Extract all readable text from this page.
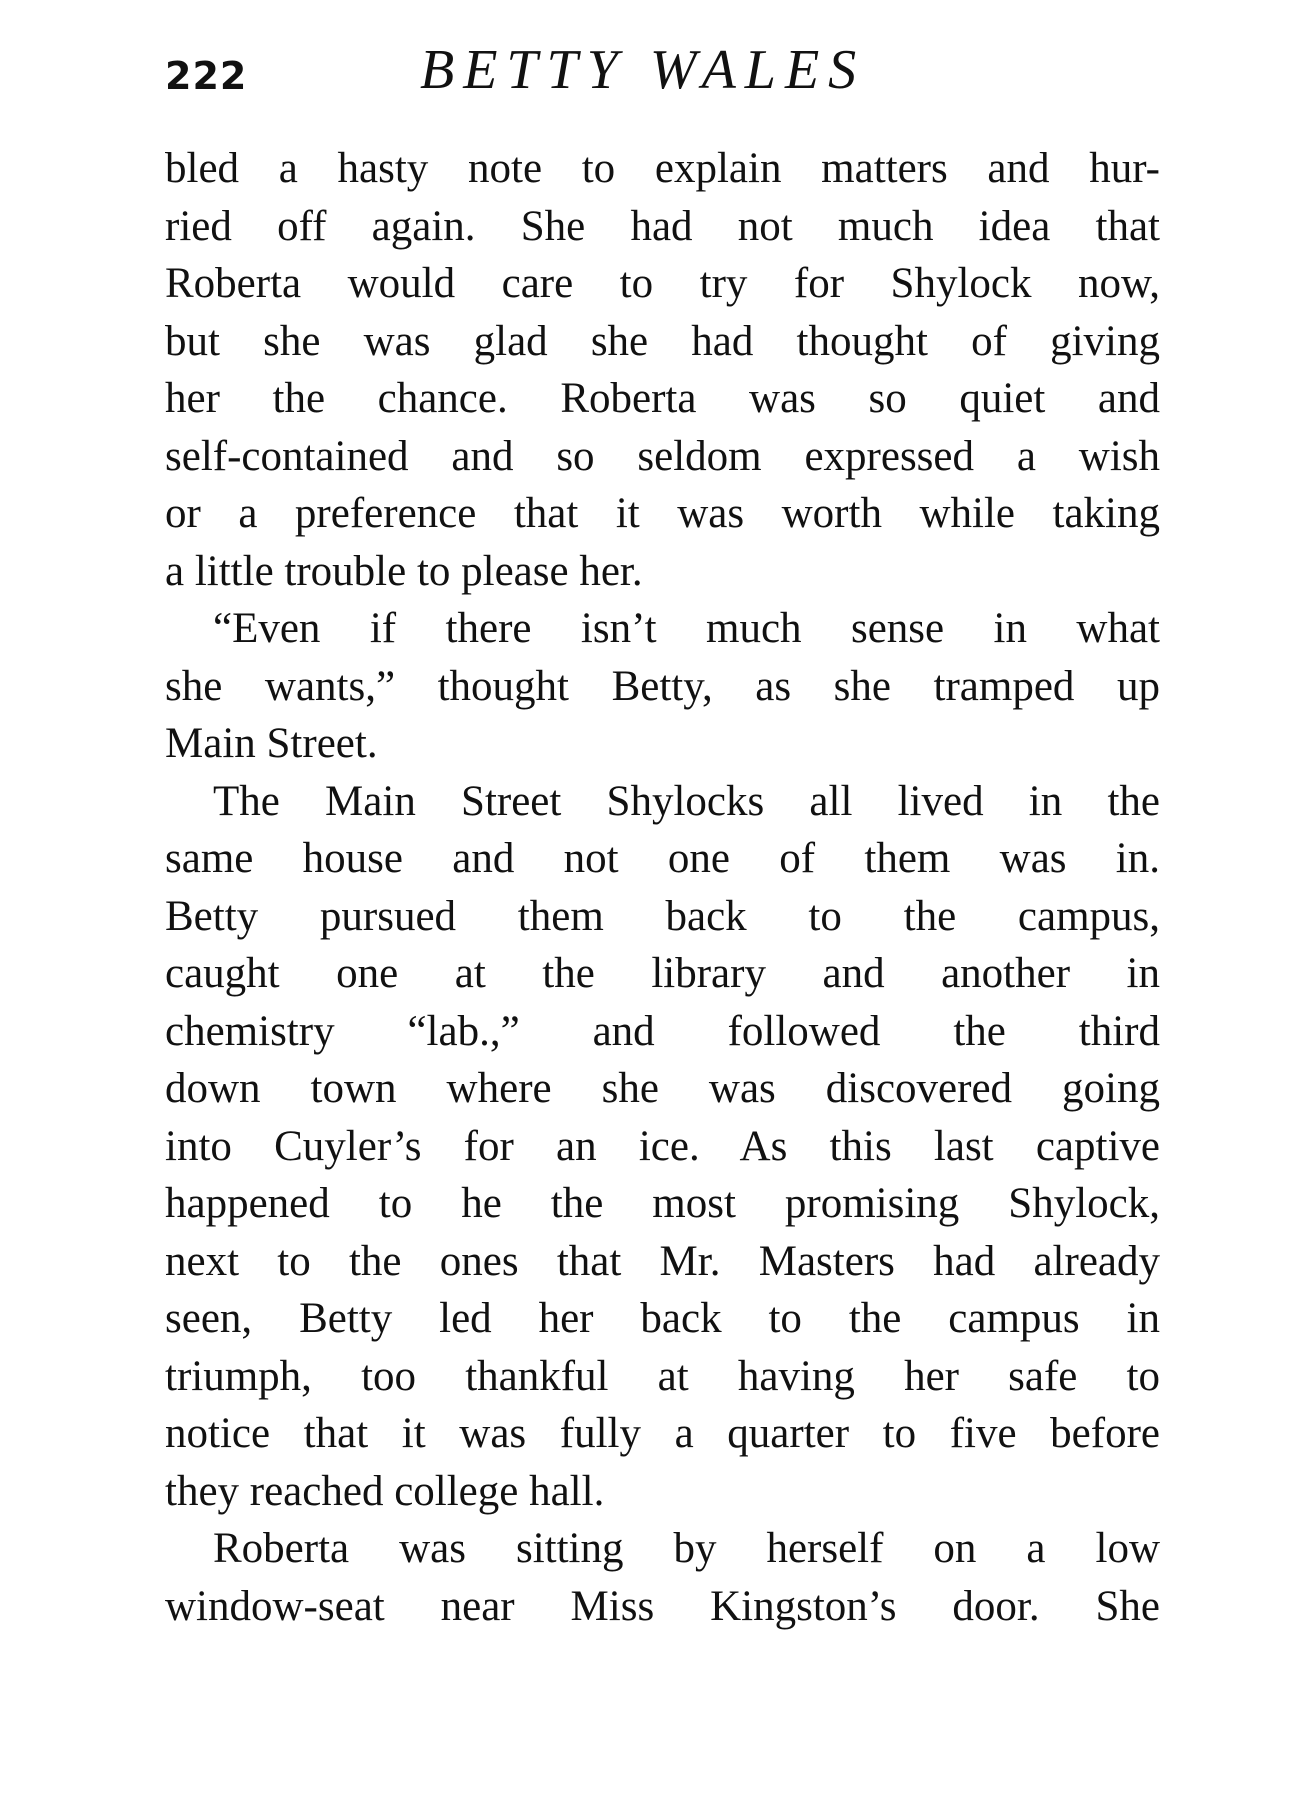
222	BETTY WALES
bled a hasty note to explain matters and hur-
ried off again. She had not much idea that
Roberta would care to try for Shylock now,
but she was glad she had thought of giving
her the chance. Roberta was so quiet and
self-contained and so seldom expressed a wish
or a preference that it was worth while taking
a little trouble to please her.
“Even if there isn’t much sense in what
she wants,” thought Betty, as she tramped up
Main Street.
The Main Street Shylocks all lived in the
same house and not one of them was in.
Betty pursued them back to the campus,
caught one at the library and another in
chemistry “lab.,” and followed the third
down town where she was discovered going
into Cuyler’s for an ice. As this last captive
happened to he the most promising Shylock,
next to the ones that Mr. Masters had already
seen, Betty led her back to the campus in
triumph, too thankful at having her safe to
notice that it was fully a quarter to five before
they reached college hall.
Roberta was sitting by herself on a low
window-seat near Miss Kingston’s door. She
